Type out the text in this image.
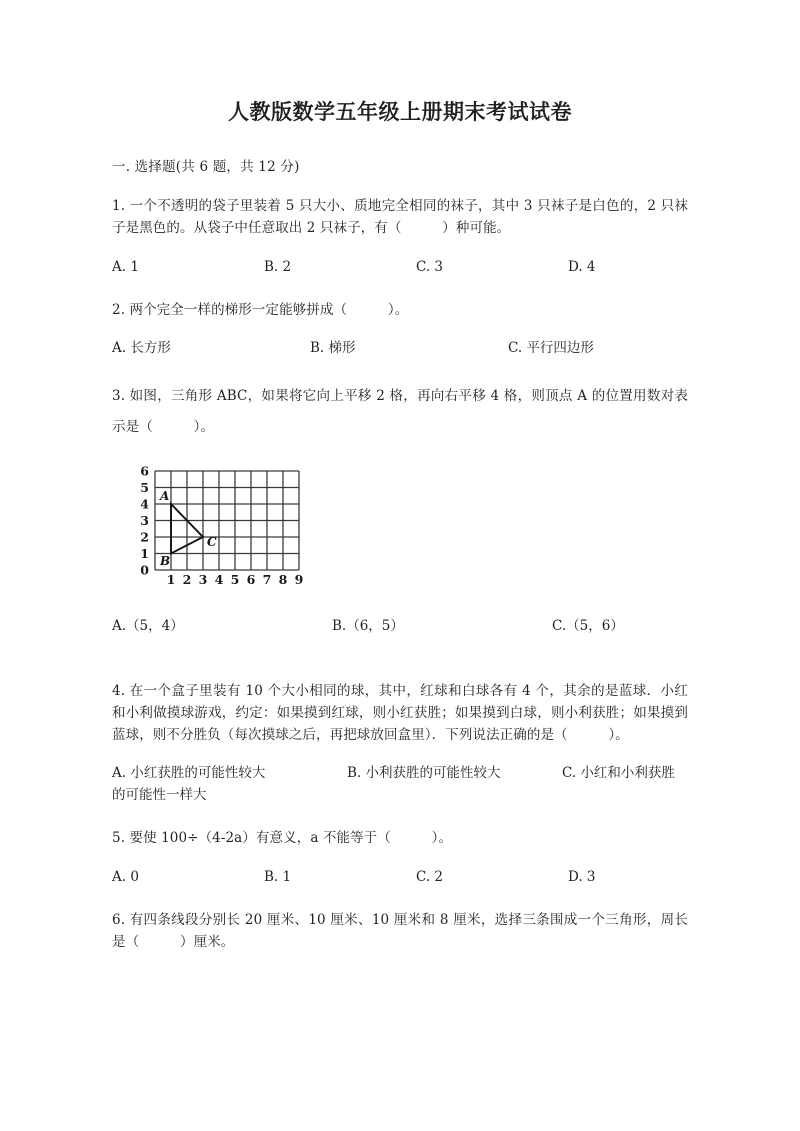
人教版数学五年级上册期末考试试卷
一. 选择题(共 6 题，共 12 分)
1. 一个不透明的袋子里装着 5 只大小、质地完全相同的袜子，其中 3 只袜子是白色的，2 只袜子是黑色的。从袋子中任意取出 2 只袜子，有（　　　）种可能。
A. 1	B. 2	C. 3	D. 4
2. 两个完全一样的梯形一定能够拼成（　　　）。
A. 长方形	B. 梯形	C. 平行四边形
3. 如图，三角形 ABC，如果将它向上平移 2 格，再向右平移 4 格，则顶点 A 的位置用数对表示是（　　　）。
A
B
C
6
5
4
3
2
1
0
1 2 3 4 5 6 7 8 9
A.（5，4）	B.（6，5）	C.（5，6）
4. 在一个盒子里装有 10 个大小相同的球，其中，红球和白球各有 4 个，其余的是蓝球．小红和小利做摸球游戏，约定：如果摸到红球，则小红获胜；如果摸到白球，则小利获胜；如果摸到蓝球，则不分胜负（每次摸球之后，再把球放回盒里）．下列说法正确的是（　　　）。
A. 小红获胜的可能性较大	B. 小利获胜的可能性较大	C. 小红和小利获胜的可能性一样大
5. 要使 100÷（4-2a）有意义，a 不能等于（　　　）。
A. 0	B. 1	C. 2	D. 3
6. 有四条线段分别长 20 厘米、10 厘米、10 厘米和 8 厘米，选择三条围成一个三角形，周长是（　　　）厘米。
